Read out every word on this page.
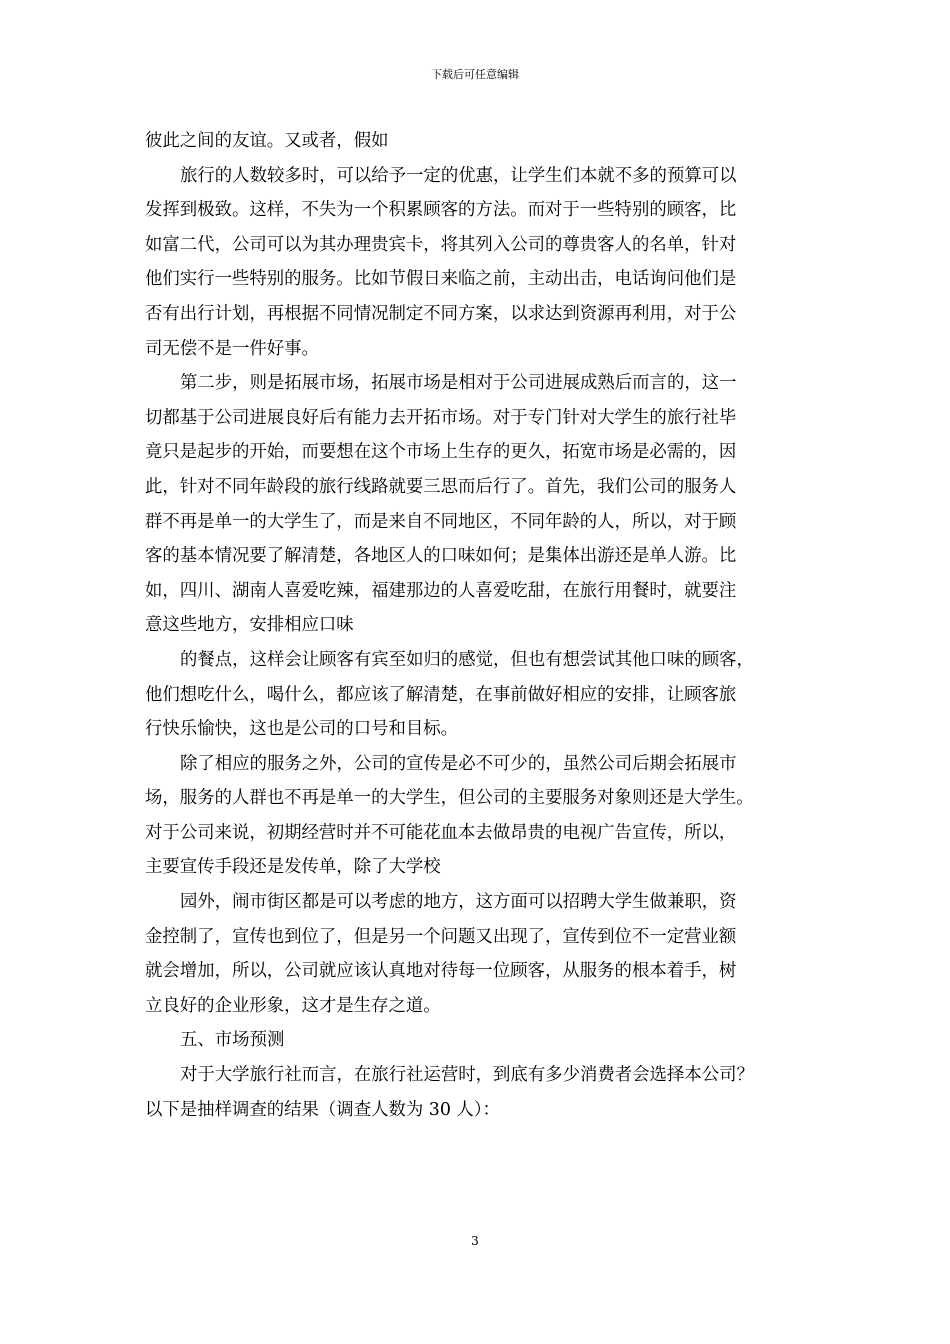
下载后可任意编辑
彼此之间的友谊。又或者，假如
旅行的人数较多时，可以给予一定的优惠，让学生们本就不多的预算可以
发挥到极致。这样，不失为一个积累顾客的方法。而对于一些特别的顾客，比
如富二代，公司可以为其办理贵宾卡，将其列入公司的尊贵客人的名单，针对
他们实行一些特别的服务。比如节假日来临之前，主动出击，电话询问他们是
否有出行计划，再根据不同情况制定不同方案，以求达到资源再利用，对于公
司无偿不是一件好事。
第二步，则是拓展市场，拓展市场是相对于公司进展成熟后而言的，这一
切都基于公司进展良好后有能力去开拓市场。对于专门针对大学生的旅行社毕
竟只是起步的开始，而要想在这个市场上生存的更久，拓宽市场是必需的，因
此，针对不同年龄段的旅行线路就要三思而后行了。首先，我们公司的服务人
群不再是单一的大学生了，而是来自不同地区，不同年龄的人，所以，对于顾
客的基本情况要了解清楚，各地区人的口味如何；是集体出游还是单人游。比
如，四川、湖南人喜爱吃辣，福建那边的人喜爱吃甜，在旅行用餐时，就要注
意这些地方，安排相应口味
的餐点，这样会让顾客有宾至如归的感觉，但也有想尝试其他口味的顾客，
他们想吃什么，喝什么，都应该了解清楚，在事前做好相应的安排，让顾客旅
行快乐愉快，这也是公司的口号和目标。
除了相应的服务之外，公司的宣传是必不可少的，虽然公司后期会拓展市
场，服务的人群也不再是单一的大学生，但公司的主要服务对象则还是大学生。
对于公司来说，初期经营时并不可能花血本去做昂贵的电视广告宣传，所以，
主要宣传手段还是发传单，除了大学校
园外，闹市街区都是可以考虑的地方，这方面可以招聘大学生做兼职，资
金控制了，宣传也到位了，但是另一个问题又出现了，宣传到位不一定营业额
就会增加，所以，公司就应该认真地对待每一位顾客，从服务的根本着手，树
立良好的企业形象，这才是生存之道。
五、市场预测
对于大学旅行社而言，在旅行社运营时，到底有多少消费者会选择本公司？
以下是抽样调查的结果（调查人数为 30 人）：
3
